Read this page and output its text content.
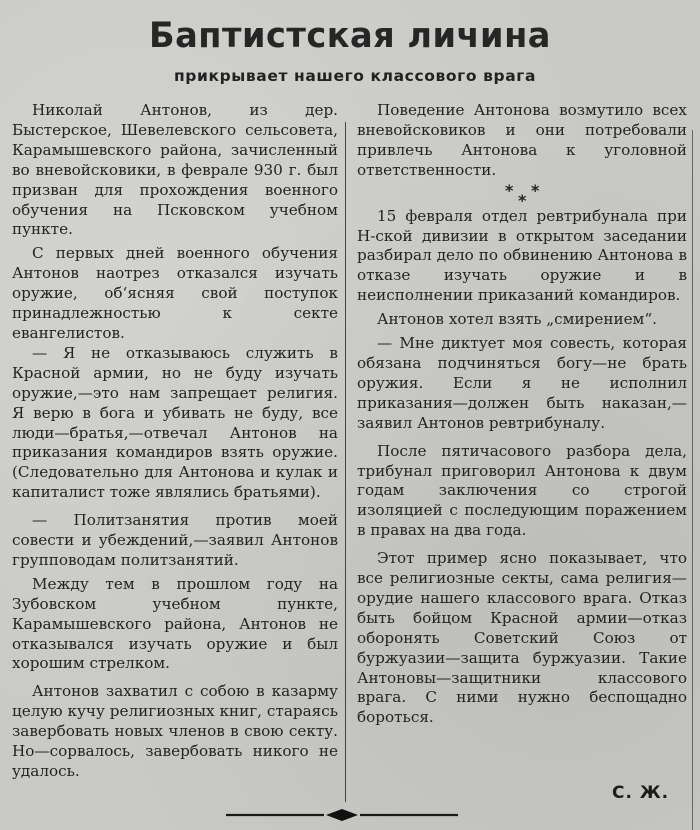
Баптистская личина
прикрывает нашего классового врага

Николай Антонов, из дер. Быстерское, Шевелевского сельсовета, Карамышевского района, зачисленный во вневойсковики, в феврале 930 г. был призван для прохождения военного обучения на Псковском учебном пункте.

С первых дней военного обучения Антонов наотрез отказался изучать оружие, об‘ясняя свой поступок принадлежностью к секте евангелистов.

— Я не отказываюсь служить в Красной армии, но не буду изучать оружие,—это нам запрещает религия. Я верю в бога и убивать не буду, все люди—братья,—отвечал Антонов на приказания командиров взять оружие. (Следовательно для Антонова и кулак и капиталист тоже являлись братьями).

— Политзанятия против моей совести и убеждений,—заявил Антонов групповодам политзанятий.

Между тем в прошлом году на Зубовском учебном пункте, Карамышевского района, Антонов не отказывался изучать оружие и был хорошим стрелком.

Антонов захватил с собою в казарму целую кучу религиозных книг, стараясь завербовать новых членов в свою секту. Но—сорвалось, завербовать никого не удалось.

Поведение Антонова возмутило всех вневойсковиков и они потребовали привлечь Антонова к уголовной ответственности.

* *
*

15 февраля отдел ревтрибунала при Н-ской дивизии в открытом заседании разбирал дело по обвинению Антонова в отказе изучать оружие и в неисполнении приказаний командиров.

Антонов хотел взять „смирением“.

— Мне диктует моя совесть, которая обязана подчиняться богу—не брать оружия. Если я не исполнил приказания—должен быть наказан,—заявил Антонов ревтрибуналу.

После пятичасового разбора дела, трибунал приговорил Антонова к двум годам заключения со строгой изоляцией с последующим поражением в правах на два года.

Этот пример ясно показывает, что все религиозные секты, сама религия—орудие нашего классового врага. Отказ быть бойцом Красной армии—отказ оборонять Советский Союз от буржуазии—защита буржуазии. Такие Антоновы—защитники классового врага. С ними нужно беспощадно бороться.

С. Ж.
